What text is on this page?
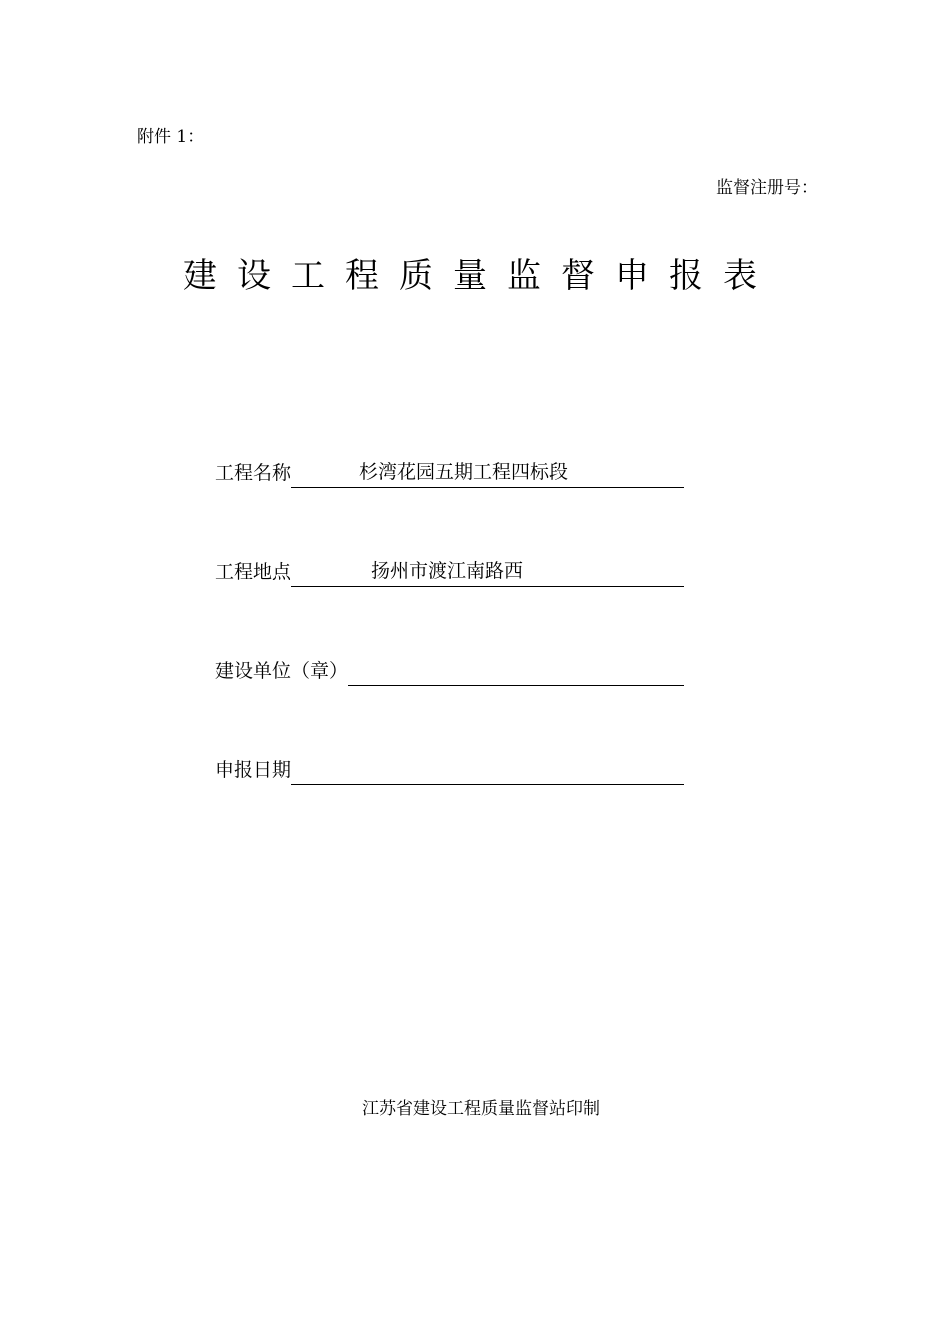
附件 1：
监督注册号：
建设工程质量监督申报表
工程名称	杉湾花园五期工程四标段
工程地点	扬州市渡江南路西
建设单位（章）
申报日期
江苏省建设工程质量监督站印制
